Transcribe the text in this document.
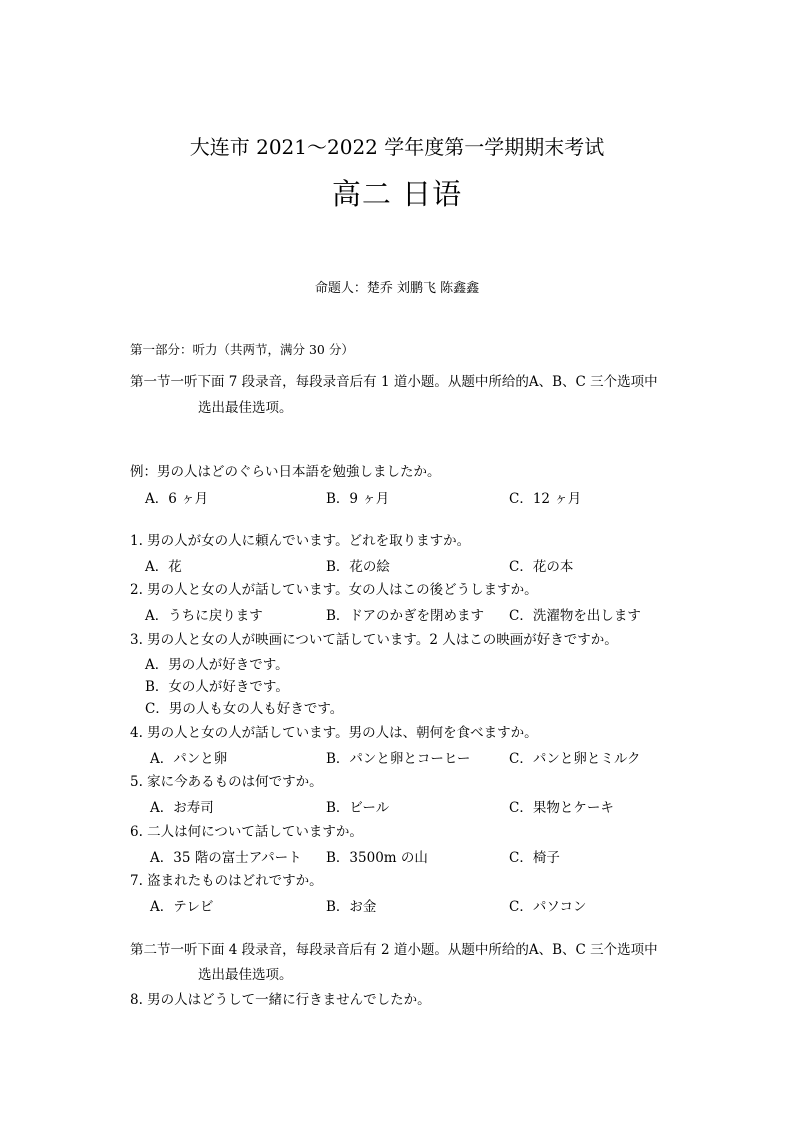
大连市 2021～2022 学年度第一学期期末考试
高二 日语
命题人：楚乔 刘鹏飞 陈鑫鑫
第一部分：听力（共两节，满分 30 分）
第一节一听下面 7 段录音，每段录音后有 1 道小题。从题中所给的A、B、C 三个选项中
选出最佳选项。
例：男の人はどのぐらい日本語を勉強しましたか。
A．6 ヶ月	B．9 ヶ月	C．12 ヶ月
1. 男の人が女の人に頼んでいます。どれを取りますか。
A．花	B．花の絵	C．花の本
2. 男の人と女の人が話しています。女の人はこの後どうしますか。
A．うちに戻ります	B．ドアのかぎを閉めます C．洗濯物を出します
3. 男の人と女の人が映画について話しています。2 人はこの映画が好きですか。
A．男の人が好きです。
B．女の人が好きです。
C．男の人も女の人も好きです。
4. 男の人と女の人が話しています。男の人は、朝何を食べますか。
A．パンと卵	B．パンと卵とコーヒー	C．パンと卵とミルク
5. 家に今あるものは何ですか。
A．お寿司	B．ビール	C．果物とケーキ
6. 二人は何について話していますか。
A．35 階の富士アパート B．3500m の山	C．椅子
7. 盗まれたものはどれですか。
A．テレビ	B．お金	C．パソコン
第二节一听下面 4 段录音，每段录音后有 2 道小题。从题中所给的A、B、C 三个选项中
选出最佳选项。
8. 男の人はどうして一緒に行きませんでしたか。
